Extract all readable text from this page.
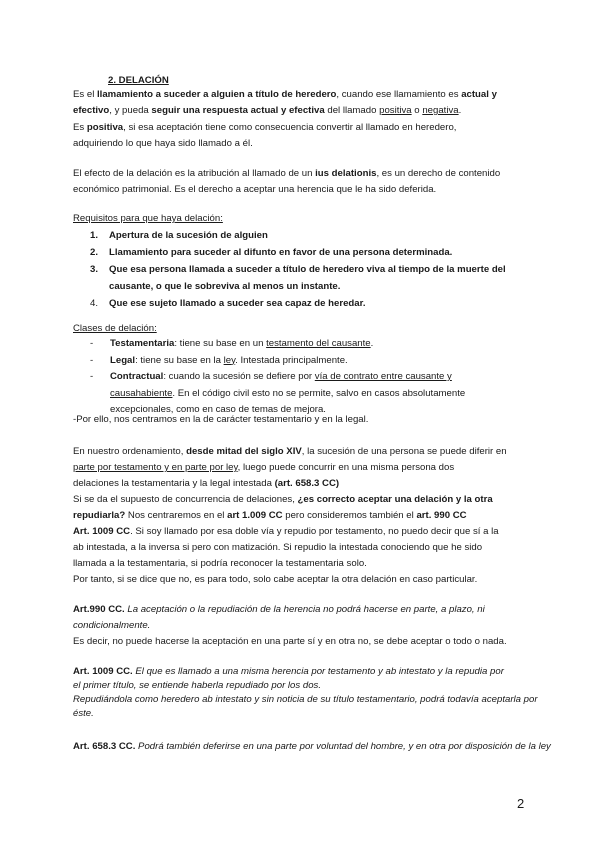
2. DELACIÓN
Es el llamamiento a suceder a alguien a título de heredero, cuando ese llamamiento es actual y
efectivo, y pueda seguir una respuesta actual y efectiva del llamado positiva o negativa.
Es positiva, si esa aceptación tiene como consecuencia convertir al llamado en heredero,
adquiriendo lo que haya sido llamado a él.
El efecto de la delación es la atribución al llamado de un ius delationis, es un derecho de contenido
económico patrimonial. Es el derecho a aceptar una herencia que le ha sido deferida.
Requisitos para que haya delación:
1. Apertura de la sucesión de alguien
2. Llamamiento para suceder al difunto en favor de una persona determinada.
3. Que esa persona llamada a suceder a título de heredero viva al tiempo de la muerte del
causante, o que le sobreviva al menos un instante.
4. Que ese sujeto llamado a suceder sea capaz de heredar.
Clases de delación:
- Testamentaria: tiene su base en un testamento del causante.
- Legal: tiene su base en la ley. Intestada principalmente.
- Contractual: cuando la sucesión se defiere por vía de contrato entre causante y
causahabiente. En el código civil esto no se permite, salvo en casos absolutamente
excepcionales, como en caso de temas de mejora.
-Por ello, nos centramos en la de carácter testamentario y en la legal.
En nuestro ordenamiento, desde mitad del siglo XIV, la sucesión de una persona se puede diferir en
parte por testamento y en parte por ley, luego puede concurrir en una misma persona dos
delaciones la testamentaria y la legal intestada (art. 658.3 CC)
Si se da el supuesto de concurrencia de delaciones, ¿es correcto aceptar una delación y la otra
repudiarla? Nos centraremos en el art 1.009 CC pero consideremos también el art. 990 CC
Art. 1009 CC. Si soy llamado por esa doble vía y repudio por testamento, no puedo decir que sí a la
ab intestada, a la inversa si pero con matización. Si repudio la intestada conociendo que he sido
llamada a la testamentaria, si podría reconocer la testamentaria solo.
Por tanto, si se dice que no, es para todo, solo cabe aceptar la otra delación en caso particular.
Art.990 CC. La aceptación o la repudiación de la herencia no podrá hacerse en parte, a plazo, ni
condicionalmente.
Es decir, no puede hacerse la aceptación en una parte sí y en otra no, se debe aceptar o todo o nada.
Art. 1009 CC. El que es llamado a una misma herencia por testamento y ab intestato y la repudia por
el primer título, se entiende haberla repudiado por los dos.
Repudiándola como heredero ab intestato y sin noticia de su título testamentario, podrá todavía aceptarla por
éste.
Art. 658.3 CC. Podrá también deferirse en una parte por voluntad del hombre, y en otra por disposición de la ley
2
